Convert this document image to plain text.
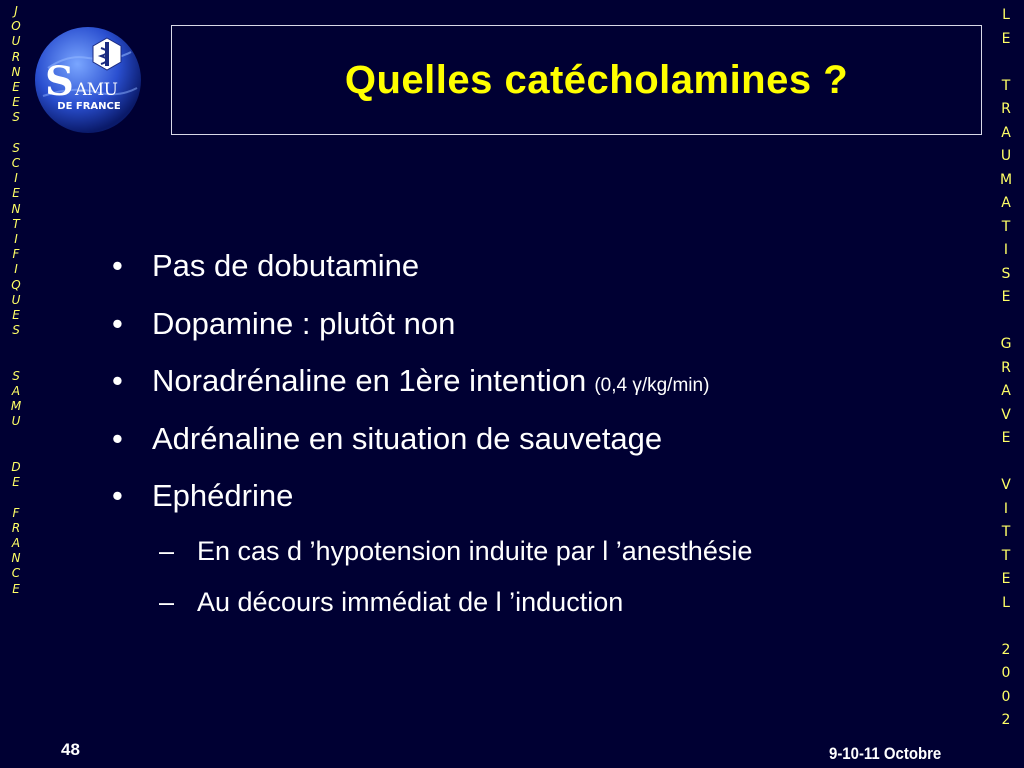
J
O
U
R
N
E
E
S
S
C
I
E
N
T
I
F
I
Q
U
E
S
S
A
M
U
D
E
F
R
A
N
C
E
L
E
T
R
A
U
M
A
T
I
S
E
G
R
A
V
E
V
I
T
T
E
L
2
0
0
2
S AMU
DE FRANCE
Quelles catécholamines ?
• Pas de dobutamine
• Dopamine : plutôt non
• Noradrénaline en 1ère intention (0,4 γ/kg/min)
• Adrénaline en situation de sauvetage
• Ephédrine
– En cas d ’hypotension induite par l ’anesthésie
– Au décours immédiat de l ’induction
48	9-10-11 Octobre
